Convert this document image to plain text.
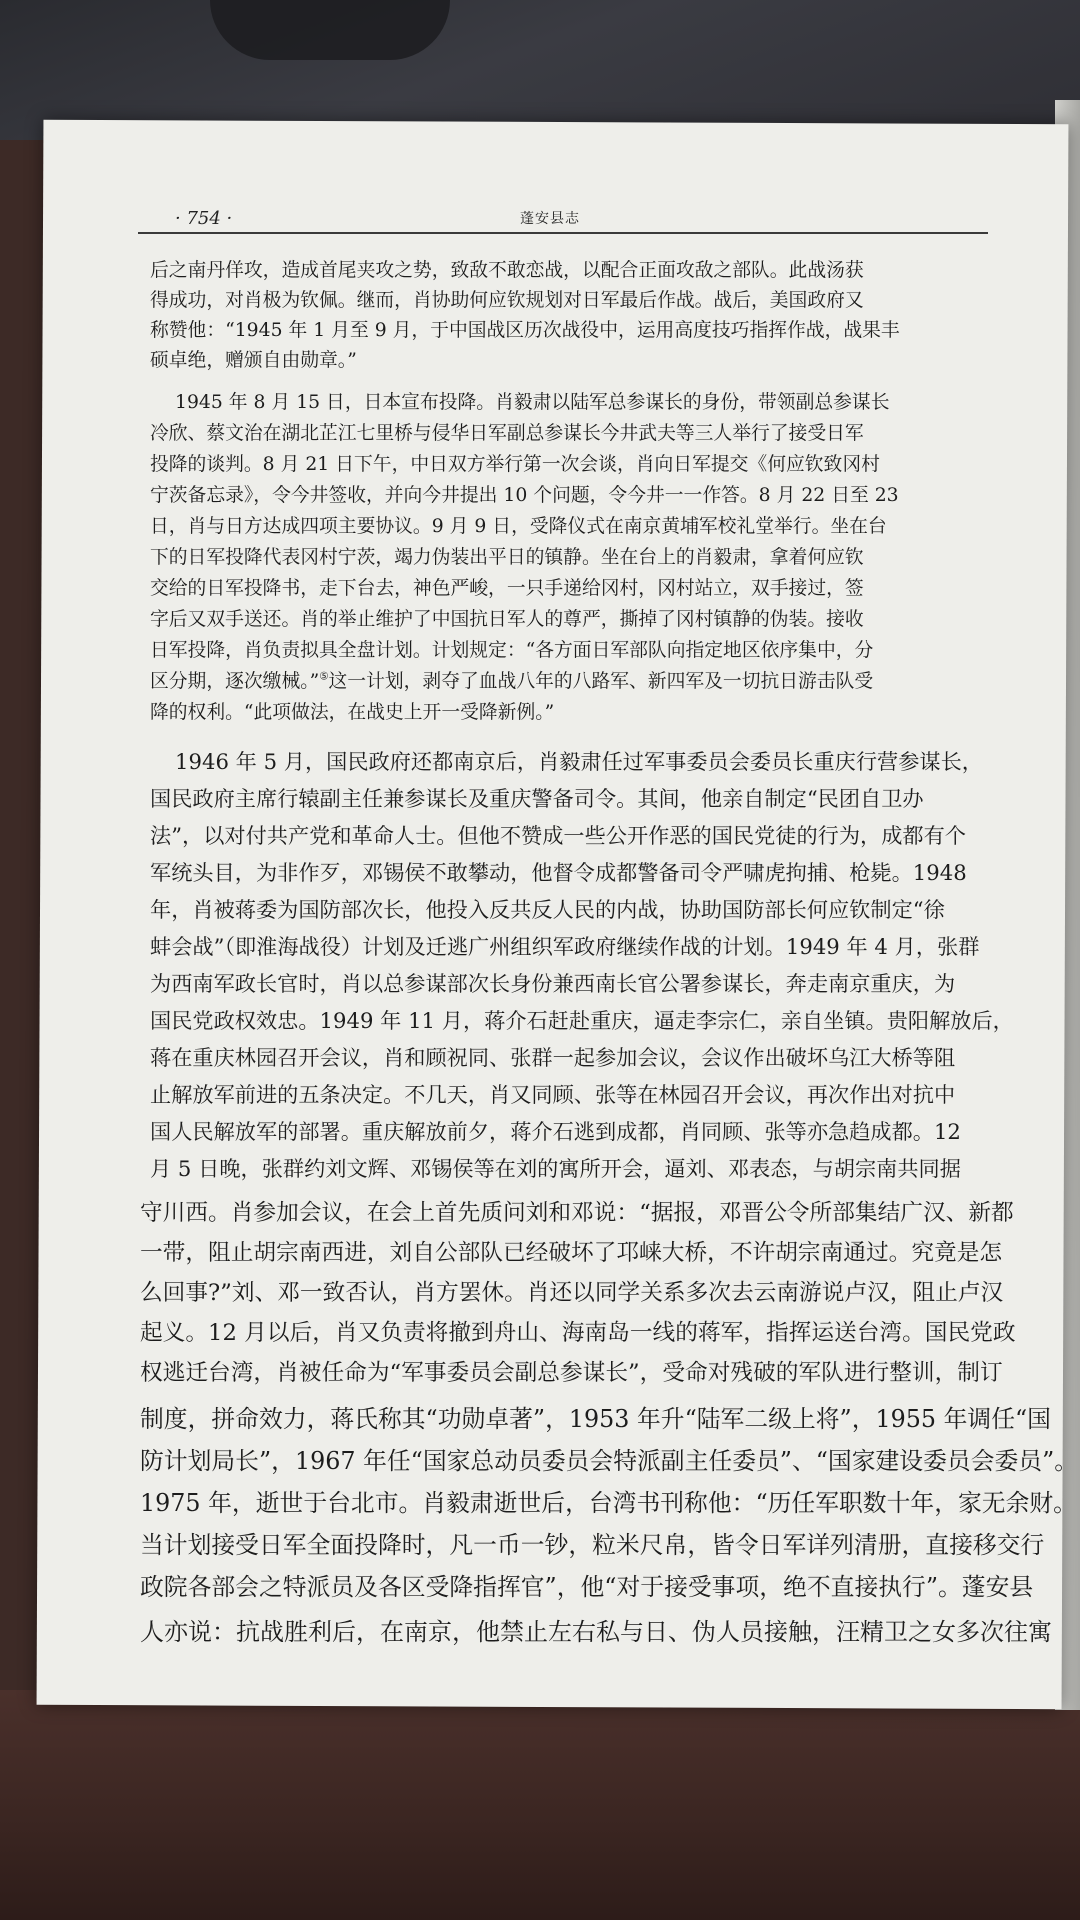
· 754 ·	蓬安县志
后之南丹佯攻，造成首尾夹攻之势，致敌不敢恋战，以配合正面攻敌之部队。此战汤获
得成功，对肖极为钦佩。继而，肖协助何应钦规划对日军最后作战。战后，美国政府又
称赞他：“1945 年 1 月至 9 月，于中国战区历次战役中，运用高度技巧指挥作战，战果丰
硕卓绝，赠颁自由勋章。”
1945 年 8 月 15 日，日本宣布投降。肖毅肃以陆军总参谋长的身份，带领副总参谋长
冷欣、蔡文治在湖北芷江七里桥与侵华日军副总参谋长今井武夫等三人举行了接受日军
投降的谈判。8 月 21 日下午，中日双方举行第一次会谈，肖向日军提交《何应钦致冈村
宁茨备忘录》，令今井签收，并向今井提出 10 个问题，令今井一一作答。8 月 22 日至 23
日，肖与日方达成四项主要协议。9 月 9 日，受降仪式在南京黄埔军校礼堂举行。坐在台
下的日军投降代表冈村宁茨，竭力伪装出平日的镇静。坐在台上的肖毅肃，拿着何应钦
交给的日军投降书，走下台去，神色严峻，一只手递给冈村，冈村站立，双手接过，签
字后又双手送还。肖的举止维护了中国抗日军人的尊严，撕掉了冈村镇静的伪装。接收
日军投降，肖负责拟具全盘计划。计划规定：“各方面日军部队向指定地区依序集中，分
区分期，逐次缴械。”⑤这一计划，剥夺了血战八年的八路军、新四军及一切抗日游击队受
降的权利。“此项做法，在战史上开一受降新例。”
1946 年 5 月，国民政府还都南京后，肖毅肃任过军事委员会委员长重庆行营参谋长，
国民政府主席行辕副主任兼参谋长及重庆警备司令。其间，他亲自制定“民团自卫办
法”，以对付共产党和革命人士。但他不赞成一些公开作恶的国民党徒的行为，成都有个
军统头目，为非作歹，邓锡侯不敢攀动，他督令成都警备司令严啸虎拘捕、枪毙。1948
年，肖被蒋委为国防部次长，他投入反共反人民的内战，协助国防部长何应钦制定“徐
蚌会战”（即淮海战役）计划及迁逃广州组织军政府继续作战的计划。1949 年 4 月，张群
为西南军政长官时，肖以总参谋部次长身份兼西南长官公署参谋长，奔走南京重庆，为
国民党政权效忠。1949 年 11 月，蒋介石赶赴重庆，逼走李宗仁，亲自坐镇。贵阳解放后，
蒋在重庆林园召开会议，肖和顾祝同、张群一起参加会议，会议作出破坏乌江大桥等阻
止解放军前进的五条决定。不几天，肖又同顾、张等在林园召开会议，再次作出对抗中
国人民解放军的部署。重庆解放前夕，蒋介石逃到成都，肖同顾、张等亦急趋成都。12
月 5 日晚，张群约刘文辉、邓锡侯等在刘的寓所开会，逼刘、邓表态，与胡宗南共同据
守川西。肖参加会议，在会上首先质问刘和邓说：“据报，邓晋公令所部集结广汉、新都
一带，阻止胡宗南西进，刘自公部队已经破坏了邛崃大桥，不许胡宗南通过。究竟是怎
么回事?”刘、邓一致否认，肖方罢休。肖还以同学关系多次去云南游说卢汉，阻止卢汉
起义。12 月以后，肖又负责将撤到舟山、海南岛一线的蒋军，指挥运送台湾。国民党政
权逃迁台湾，肖被任命为“军事委员会副总参谋长”，受命对残破的军队进行整训，制订
制度，拼命效力，蒋氏称其“功勋卓著”，1953 年升“陆军二级上将”，1955 年调任“国
防计划局长”，1967 年任“国家总动员委员会特派副主任委员”、“国家建设委员会委员”。
1975 年，逝世于台北市。肖毅肃逝世后，台湾书刊称他：“历任军职数十年，家无余财。
当计划接受日军全面投降时，凡一币一钞，粒米尺帛，皆令日军详列清册，直接移交行
政院各部会之特派员及各区受降指挥官”，他“对于接受事项，绝不直接执行”。蓬安县
人亦说：抗战胜利后，在南京，他禁止左右私与日、伪人员接触，汪精卫之女多次往寓
